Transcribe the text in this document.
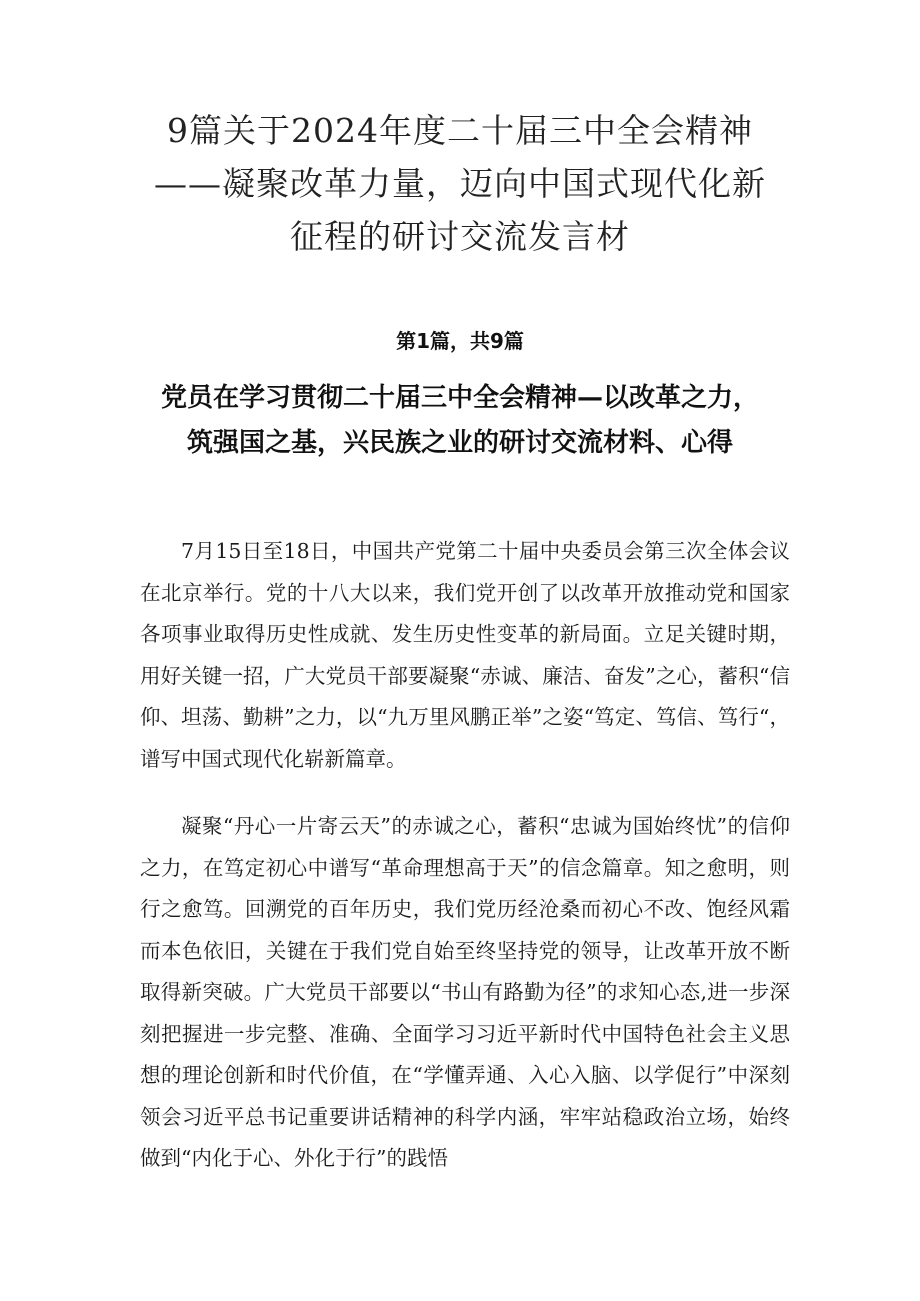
9篇关于2024年度二十届三中全会精神——凝聚改革力量，迈向中国式现代化新征程的研讨交流发言材

第1篇，共9篇

党员在学习贯彻二十届三中全会精神—以改革之力，筑强国之基，兴民族之业的研讨交流材料、心得

7月15日至18日，中国共产党第二十届中央委员会第三次全体会议在北京举行。党的十八大以来，我们党开创了以改革开放推动党和国家各项事业取得历史性成就、发生历史性变革的新局面。立足关键时期，用好关键一招，广大党员干部要凝聚“赤诚、廉洁、奋发”之心，蓄积“信仰、坦荡、勤耕”之力，以“九万里风鹏正举”之姿“笃定、笃信、笃行“，谱写中国式现代化崭新篇章。

凝聚“丹心一片寄云天”的赤诚之心，蓄积“忠诚为国始终忧”的信仰之力，在笃定初心中谱写“革命理想高于天”的信念篇章。知之愈明，则行之愈笃。回溯党的百年历史，我们党历经沧桑而初心不改、饱经风霜而本色依旧，关键在于我们党自始至终坚持党的领导，让改革开放不断取得新突破。广大党员干部要以“书山有路勤为径”的求知心态,进一步深刻把握进一步完整、准确、全面学习习近平新时代中国特色社会主义思想的理论创新和时代价值，在“学懂弄通、入心入脑、以学促行”中深刻领会习近平总书记重要讲话精神的科学内涵，牢牢站稳政治立场，始终做到“内化于心、外化于行”的践悟
